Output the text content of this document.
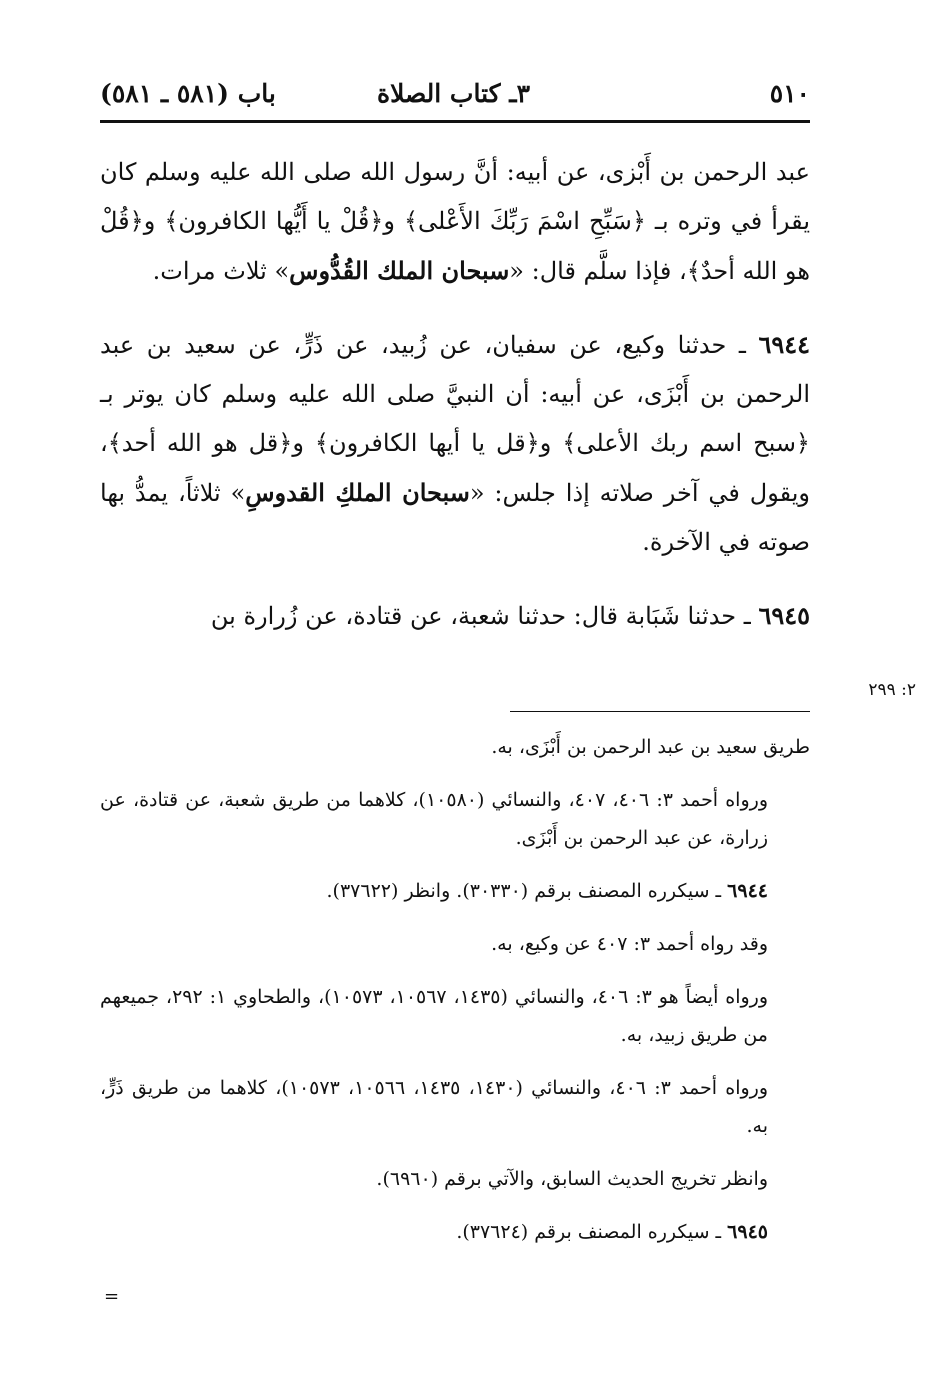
٥١٠
٣ـ كتاب الصلاة
باب (٥٨١ ـ ٥٨١)

عبد الرحمن بن أَبْزى، عن أبيه: أنَّ رسول الله صلى الله عليه وسلم كان يقرأ في وتره بـ ﴿سَبِّحِ اسْمَ رَبِّكَ الأَعْلى﴾ و﴿قُلْ يا أَيُّها الكافرون﴾ و﴿قُلْ هو الله أحدٌ﴾، فإذا سلَّم قال: «سبحان الملك القُدُّوس» ثلاث مرات.

٦٩٤٤ ـ حدثنا وكيع، عن سفيان، عن زُبيد، عن ذَرٍّ، عن سعيد بن عبد الرحمن بن أَبْزَى، عن أبيه: أن النبيَّ صلى الله عليه وسلم كان يوتر بـ ﴿سبح اسم ربك الأعلى﴾ و﴿قل يا أيها الكافرون﴾ و﴿قل هو الله أحد﴾، ويقول في آخر صلاته إذا جلس: «سبحان الملكِ القدوسِ» ثلاثاً، يمدُّ بها صوته في الآخرة.

٦٩٤٥ ـ حدثنا شَبَابة قال: حدثنا شعبة، عن قتادة، عن زُرارة بن

٢: ٢٩٩

طريق سعيد بن عبد الرحمن بن أَبْزَى، به.

ورواه أحمد ٣: ٤٠٦، ٤٠٧، والنسائي (١٠٥٨٠)، كلاهما من طريق شعبة، عن قتادة، عن زرارة، عن عبد الرحمن بن أَبْزَى.

٦٩٤٤ ـ سيكرره المصنف برقم (٣٠٣٣٠). وانظر (٣٧٦٢٢).

وقد رواه أحمد ٣: ٤٠٧ عن وكيع، به.

ورواه أيضاً هو ٣: ٤٠٦، والنسائي (١٤٣٥، ١٠٥٦٧، ١٠٥٧٣)، والطحاوي ١: ٢٩٢، جميعهم من طريق زبيد، به.

ورواه أحمد ٣: ٤٠٦، والنسائي (١٤٣٠، ١٤٣٥، ١٠٥٦٦، ١٠٥٧٣)، كلاهما من طريق ذَرٍّ، به.

وانظر تخريج الحديث السابق، والآتي برقم (٦٩٦٠).

٦٩٤٥ ـ سيكرره المصنف برقم (٣٧٦٢٤).

=
